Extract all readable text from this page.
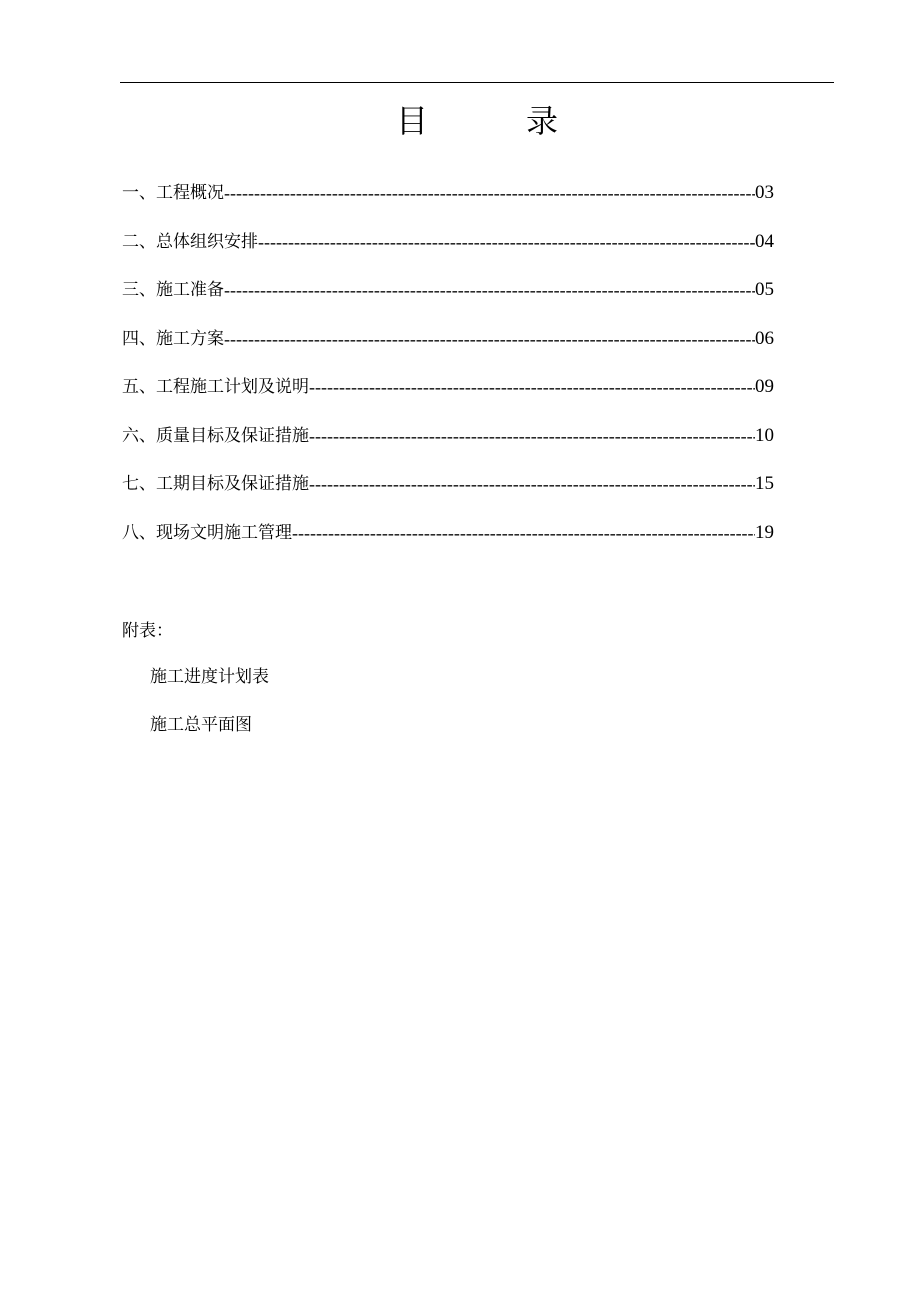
目	录
一、工程概况 -----	03
二、总体组织安排 -----	04
三、施工准备 -----	05
四、施工方案 -----	06
五、工程施工计划及说明 -----	09
六、质量目标及保证措施 -----	10
七、工期目标及保证措施 -----	15
八、现场文明施工管理 -----	19
附表：
施工进度计划表
施工总平面图
